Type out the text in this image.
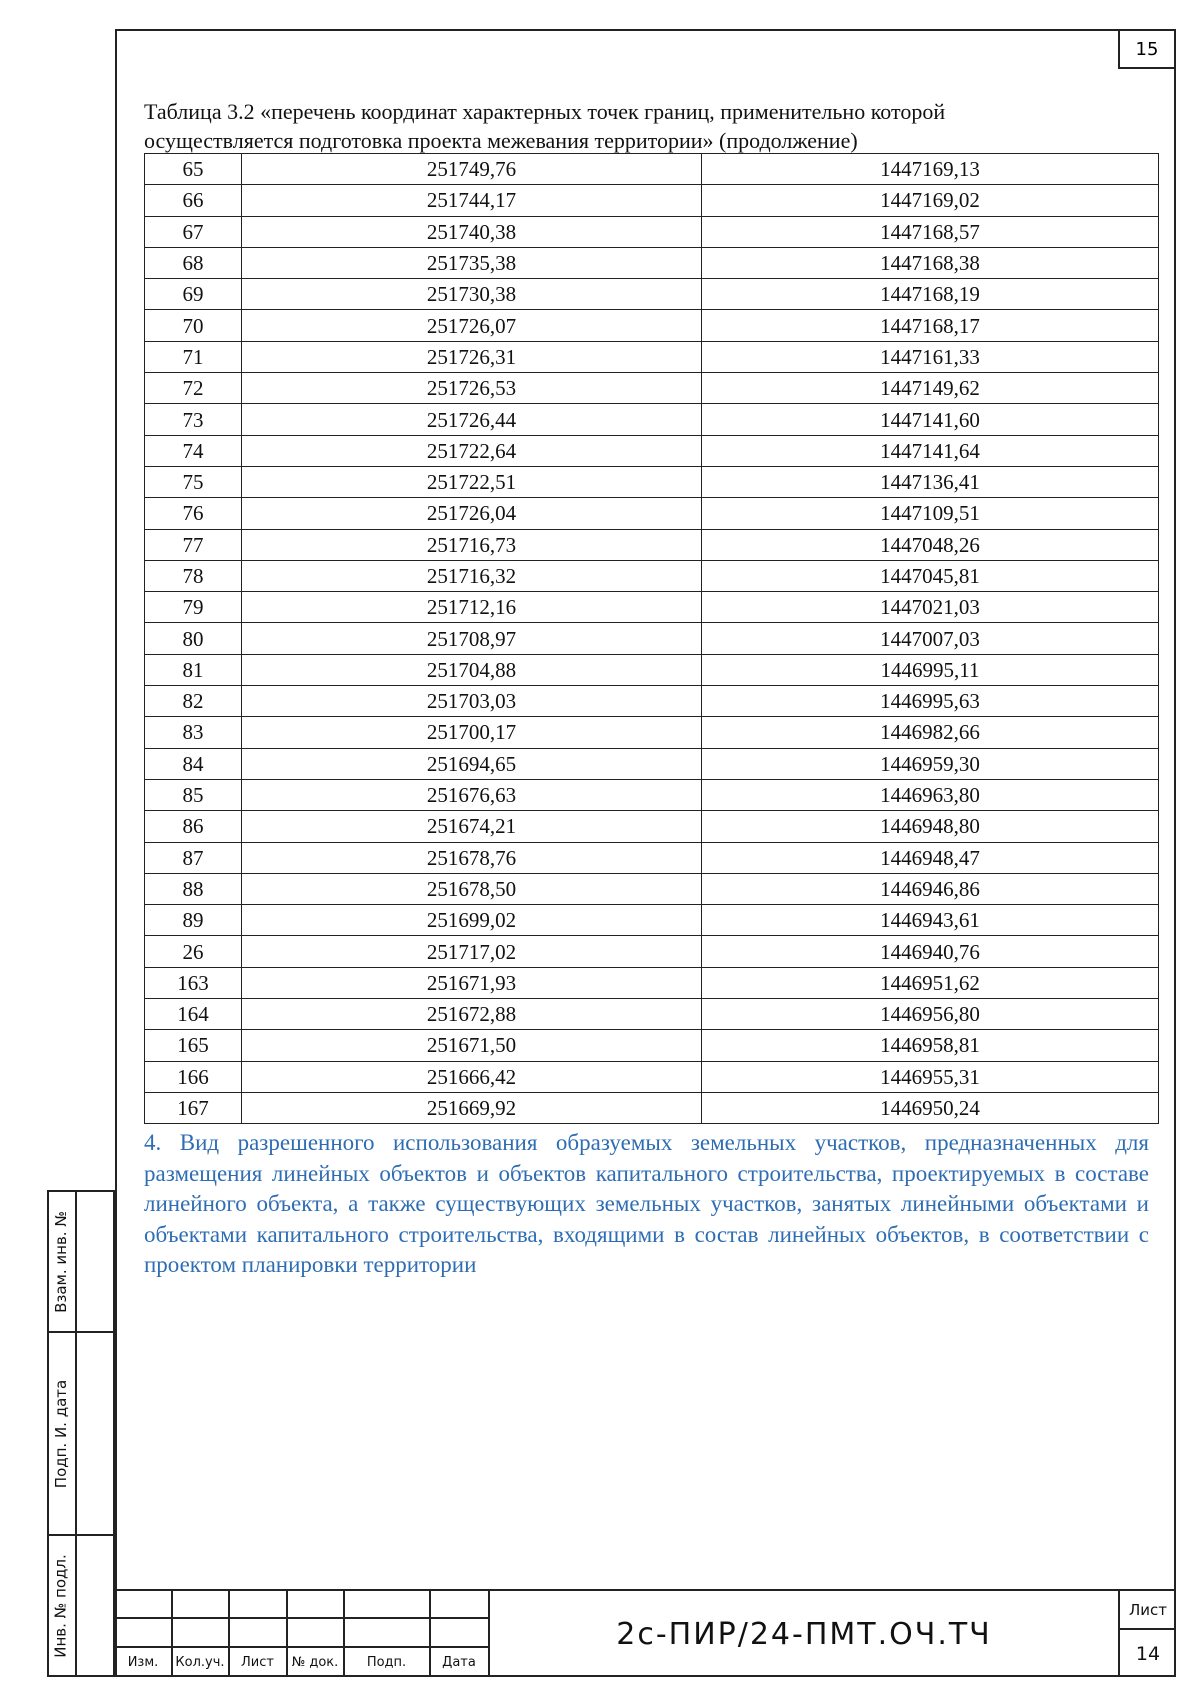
15
Таблица 3.2 «перечень координат характерных точек границ, применительно которой осуществляется подготовка проекта межевания территории» (продолжение)
65	251749,76	1447169,13
66	251744,17	1447169,02
67	251740,38	1447168,57
68	251735,38	1447168,38
69	251730,38	1447168,19
70	251726,07	1447168,17
71	251726,31	1447161,33
72	251726,53	1447149,62
73	251726,44	1447141,60
74	251722,64	1447141,64
75	251722,51	1447136,41
76	251726,04	1447109,51
77	251716,73	1447048,26
78	251716,32	1447045,81
79	251712,16	1447021,03
80	251708,97	1447007,03
81	251704,88	1446995,11
82	251703,03	1446995,63
83	251700,17	1446982,66
84	251694,65	1446959,30
85	251676,63	1446963,80
86	251674,21	1446948,80
87	251678,76	1446948,47
88	251678,50	1446946,86
89	251699,02	1446943,61
26	251717,02	1446940,76
163	251671,93	1446951,62
164	251672,88	1446956,80
165	251671,50	1446958,81
166	251666,42	1446955,31
167	251669,92	1446950,24
4. Вид разрешенного использования образуемых земельных участков, предназначенных для размещения линейных объектов и объектов капитального строительства, проектируемых в составе линейного объекта, а также существующих земельных участков, занятых линейными объектами и объектами капитального строительства, входящими в состав линейных объектов, в соответствии с проектом планировки территории
Взам. инв. №
Подп. И. дата
Инв. № подл.
Изм.	Кол.уч.	Лист	№ док.	Подп.	Дата
2с-ПИР/24-ПМТ.ОЧ.ТЧ
Лист
14
